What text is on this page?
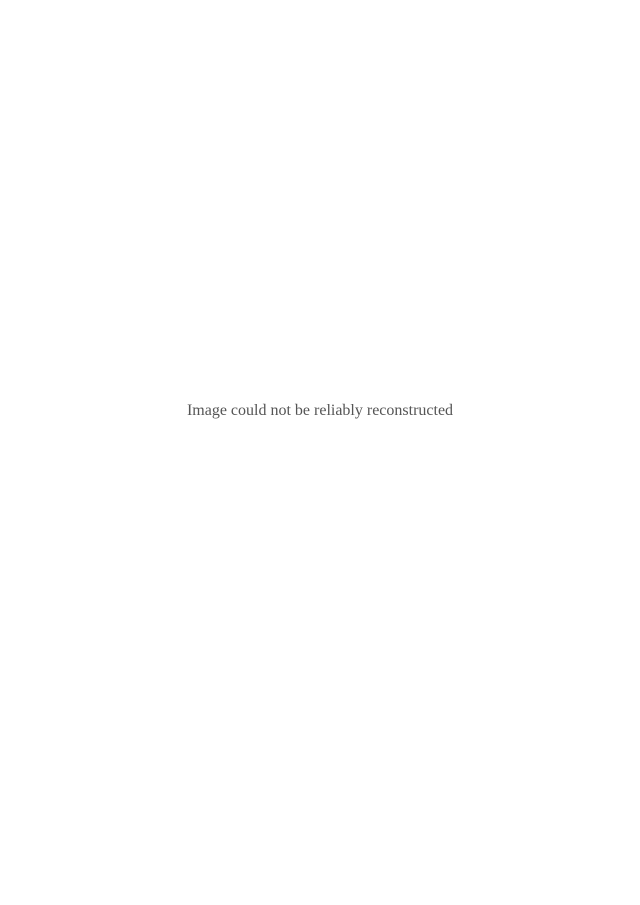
Image could not be reliably reconstructed
